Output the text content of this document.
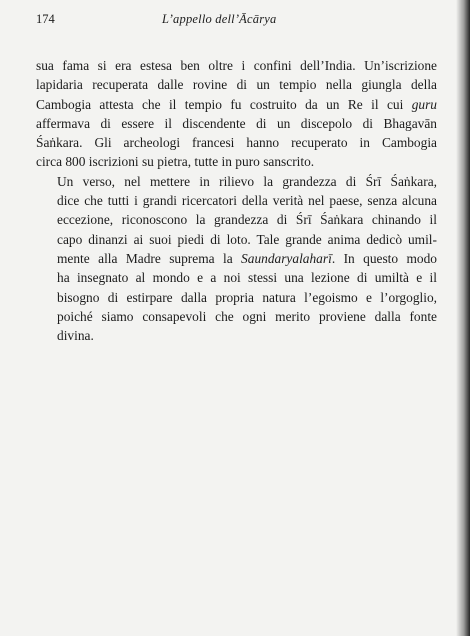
174	L’appello dell’Ācārya

sua fama si era estesa ben oltre i confini dell’India. Un’iscrizione
lapidaria recuperata dalle rovine di un tempio nella giungla della
Cambogia attesta che il tempio fu costruito da un Re il cui guru
affermava di essere il discendente di un discepolo di Bhagavān
Śaṅkara. Gli archeologi francesi hanno recuperato in Cambogia
circa 800 iscrizioni su pietra, tutte in puro sanscrito.

Un verso, nel mettere in rilievo la grandezza di Śrī Śaṅkara,
dice che tutti i grandi ricercatori della verità nel paese, senza alcuna
eccezione, riconoscono la grandezza di Śrī Śaṅkara chinando il
capo dinanzi ai suoi piedi di loto. Tale grande anima dedicò umil-
mente alla Madre suprema la Saundaryalaharī. In questo modo
ha insegnato al mondo e a noi stessi una lezione di umiltà e il
bisogno di estirpare dalla propria natura l’egoismo e l’orgoglio,
poiché siamo consapevoli che ogni merito proviene dalla fonte
divina.
